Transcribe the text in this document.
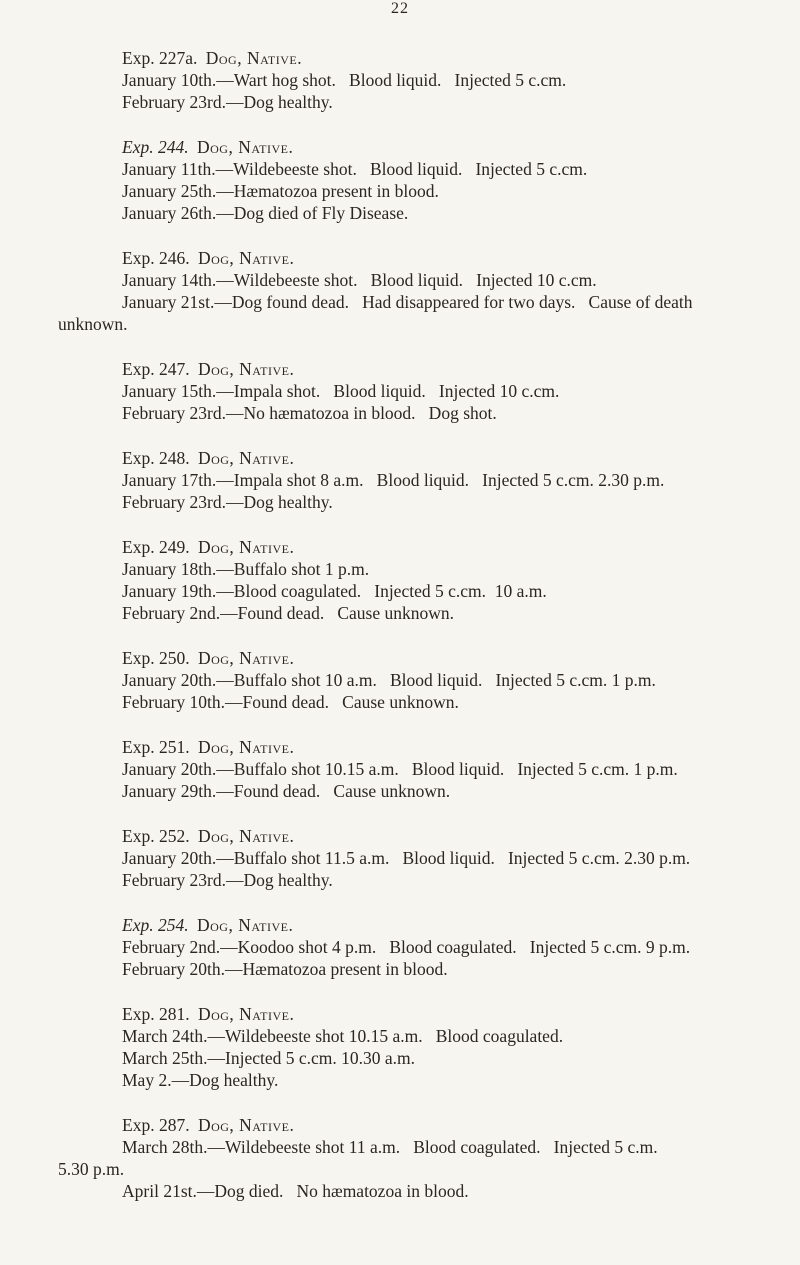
22
Exp. 227a. Dog, Native.
January 10th.—Wart hog shot.   Blood liquid.   Injected 5 c.cm.
February 23rd.—Dog healthy.
Exp. 244. Dog, Native.
January 11th.—Wildebeeste shot.   Blood liquid.   Injected 5 c.cm.
January 25th.—Hæmatozoa present in blood.
January 26th.—Dog died of Fly Disease.
Exp. 246. Dog, Native.
January 14th.—Wildebeeste shot.   Blood liquid.   Injected 10 c.cm.
January 21st.—Dog found dead.   Had disappeared for two days.   Cause of death
unknown.
Exp. 247. Dog, Native.
January 15th.—Impala shot.   Blood liquid.   Injected 10 c.cm.
February 23rd.—No hæmatozoa in blood.   Dog shot.
Exp. 248. Dog, Native.
January 17th.—Impala shot 8 a.m.   Blood liquid.   Injected 5 c.cm. 2.30 p.m.
February 23rd.—Dog healthy.
Exp. 249. Dog, Native.
January 18th.—Buffalo shot 1 p.m.
January 19th.—Blood coagulated.   Injected 5 c.cm.  10 a.m.
February 2nd.—Found dead.   Cause unknown.
Exp. 250. Dog, Native.
January 20th.—Buffalo shot 10 a.m.   Blood liquid.   Injected 5 c.cm. 1 p.m.
February 10th.—Found dead.   Cause unknown.
Exp. 251. Dog, Native.
January 20th.—Buffalo shot 10.15 a.m.   Blood liquid.   Injected 5 c.cm. 1 p.m.
January 29th.—Found dead.   Cause unknown.
Exp. 252. Dog, Native.
January 20th.—Buffalo shot 11.5 a.m.   Blood liquid.   Injected 5 c.cm. 2.30 p.m.
February 23rd.—Dog healthy.
Exp. 254. Dog, Native.
February 2nd.—Koodoo shot 4 p.m.   Blood coagulated.   Injected 5 c.cm. 9 p.m.
February 20th.—Hæmatozoa present in blood.
Exp. 281. Dog, Native.
March 24th.—Wildebeeste shot 10.15 a.m.   Blood coagulated.
March 25th.—Injected 5 c.cm. 10.30 a.m.
May 2.—Dog healthy.
Exp. 287. Dog, Native.
March 28th.—Wildebeeste shot 11 a.m.   Blood coagulated.   Injected 5 c.m.
5.30 p.m.
April 21st.—Dog died.   No hæmatozoa in blood.
